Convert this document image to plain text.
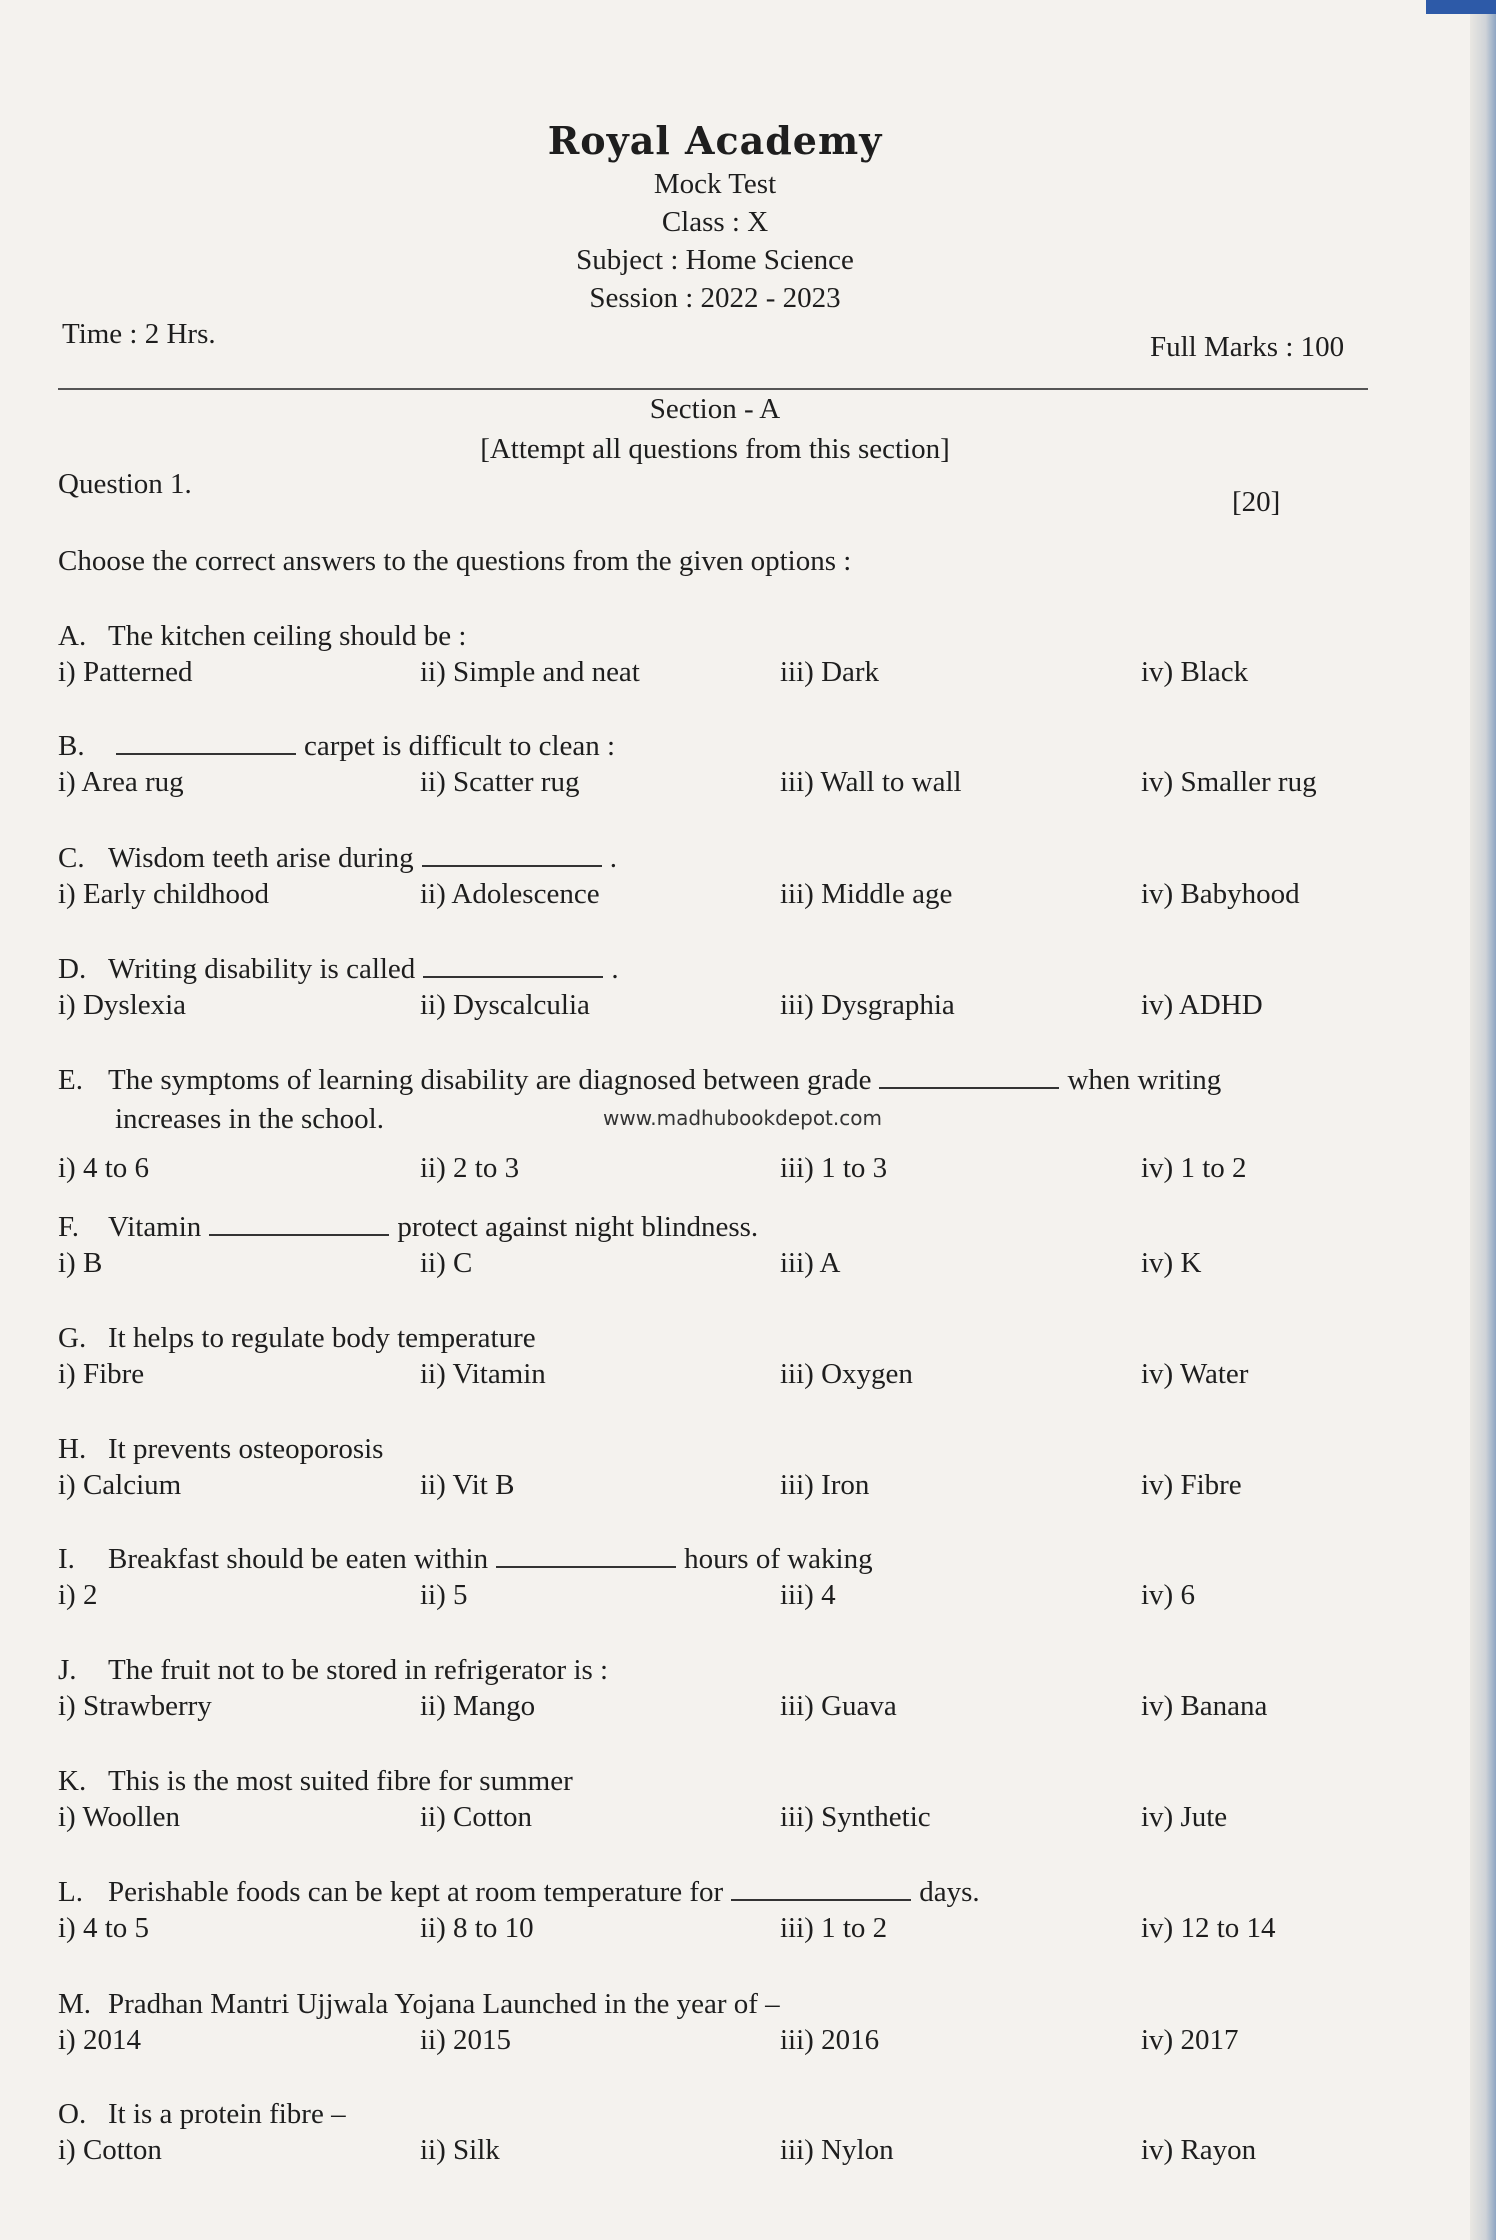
Royal Academy
Mock Test
Class : X
Subject : Home Science
Session : 2022 - 2023
Time : 2 Hrs.	Full Marks : 100
Section - A
[Attempt all questions from this section]
Question 1.
[20]
Choose the correct answers to the questions from the given options :
www.madhubookdepot.com
increases in the school.
A. The kitchen ceiling should be :
i) Patterned	ii) Simple and neat	iii) Dark	iv) Black
B.	carpet is difficult to clean :
i) Area rug	ii) Scatter rug	iii) Wall to wall	iv) Smaller rug
C. Wisdom teeth arise during	.
i) Early childhood	ii) Adolescence	iii) Middle age	iv) Babyhood
D. Writing disability is called	.
i) Dyslexia	ii) Dyscalculia	iii) Dysgraphia	iv) ADHD
E. The symptoms of learning disability are diagnosed between grade	when writing
i) 4 to 6	ii) 2 to 3	iii) 1 to 3	iv) 1 to 2
F. Vitamin	protect against night blindness.
i) B	ii) C	iii) A	iv) K
G. It helps to regulate body temperature
i) Fibre	ii) Vitamin	iii) Oxygen	iv) Water
H. It prevents osteoporosis
i) Calcium	ii) Vit B	iii) Iron	iv) Fibre
I. Breakfast should be eaten within	hours of waking
i) 2	ii) 5	iii) 4	iv) 6
J. The fruit not to be stored in refrigerator is :
i) Strawberry	ii) Mango	iii) Guava	iv) Banana
K. This is the most suited fibre for summer
i) Woollen	ii) Cotton	iii) Synthetic	iv) Jute
L. Perishable foods can be kept at room temperature for	days.
i) 4 to 5	ii) 8 to 10	iii) 1 to 2	iv) 12 to 14
M. Pradhan Mantri Ujjwala Yojana Launched in the year of –
i) 2014	ii) 2015	iii) 2016	iv) 2017
O. It is a protein fibre –
i) Cotton	ii) Silk	iii) Nylon	iv) Rayon
